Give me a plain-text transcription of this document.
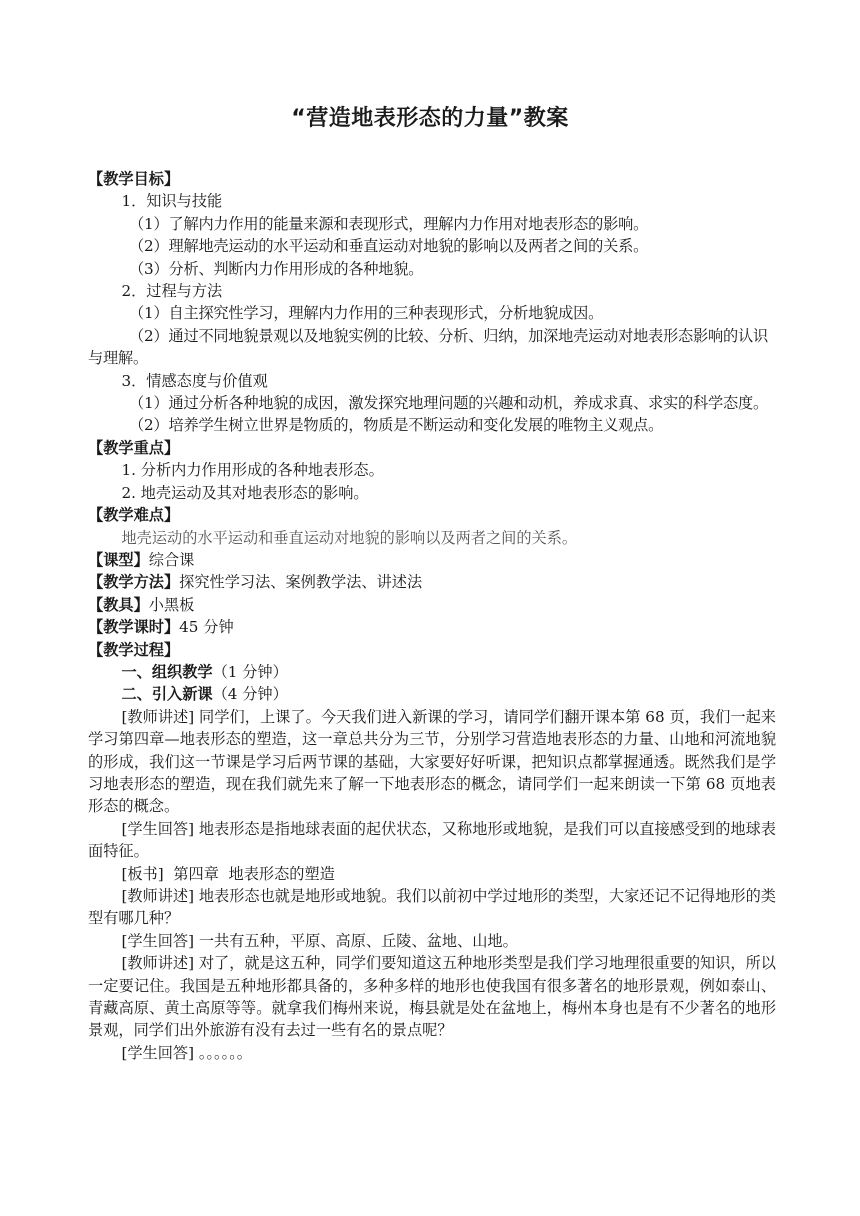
“营造地表形态的力量”教案

【教学目标】

1．知识与技能

（1）了解内力作用的能量来源和表现形式，理解内力作用对地表形态的影响。

（2）理解地壳运动的水平运动和垂直运动对地貌的影响以及两者之间的关系。

（3）分析、判断内力作用形成的各种地貌。

2．过程与方法

（1）自主探究性学习，理解内力作用的三种表现形式，分析地貌成因。

（2）通过不同地貌景观以及地貌实例的比较、分析、归纳，加深地壳运动对地表形态影响的认识与理解。

3．情感态度与价值观

（1）通过分析各种地貌的成因，激发探究地理问题的兴趣和动机，养成求真、求实的科学态度。

（2）培养学生树立世界是物质的，物质是不断运动和变化发展的唯物主义观点。

【教学重点】

1. 分析内力作用形成的各种地表形态。

2. 地壳运动及其对地表形态的影响。

【教学难点】

地壳运动的水平运动和垂直运动对地貌的影响以及两者之间的关系。

【课型】综合课

【教学方法】探究性学习法、案例教学法、讲述法

【教具】小黑板

【教学课时】45 分钟

【教学过程】

一、组织教学（1 分钟）

二、引入新课（4 分钟）

[教师讲述] 同学们，上课了。今天我们进入新课的学习，请同学们翻开课本第 68 页，我们一起来学习第四章—地表形态的塑造，这一章总共分为三节，分别学习营造地表形态的力量、山地和河流地貌的形成，我们这一节课是学习后两节课的基础，大家要好好听课，把知识点都掌握通透。既然我们是学习地表形态的塑造，现在我们就先来了解一下地表形态的概念，请同学们一起来朗读一下第 68 页地表形态的概念。

[学生回答] 地表形态是指地球表面的起伏状态，又称地形或地貌，是我们可以直接感受到的地球表面特征。

[板书]  第四章  地表形态的塑造

[教师讲述] 地表形态也就是地形或地貌。我们以前初中学过地形的类型，大家还记不记得地形的类型有哪几种？

[学生回答] 一共有五种，平原、高原、丘陵、盆地、山地。

[教师讲述] 对了，就是这五种，同学们要知道这五种地形类型是我们学习地理很重要的知识，所以一定要记住。我国是五种地形都具备的，多种多样的地形也使我国有很多著名的地形景观，例如泰山、青藏高原、黄土高原等等。就拿我们梅州来说，梅县就是处在盆地上，梅州本身也是有不少著名的地形景观，同学们出外旅游有没有去过一些有名的景点呢？

[学生回答] 。。。。。。
